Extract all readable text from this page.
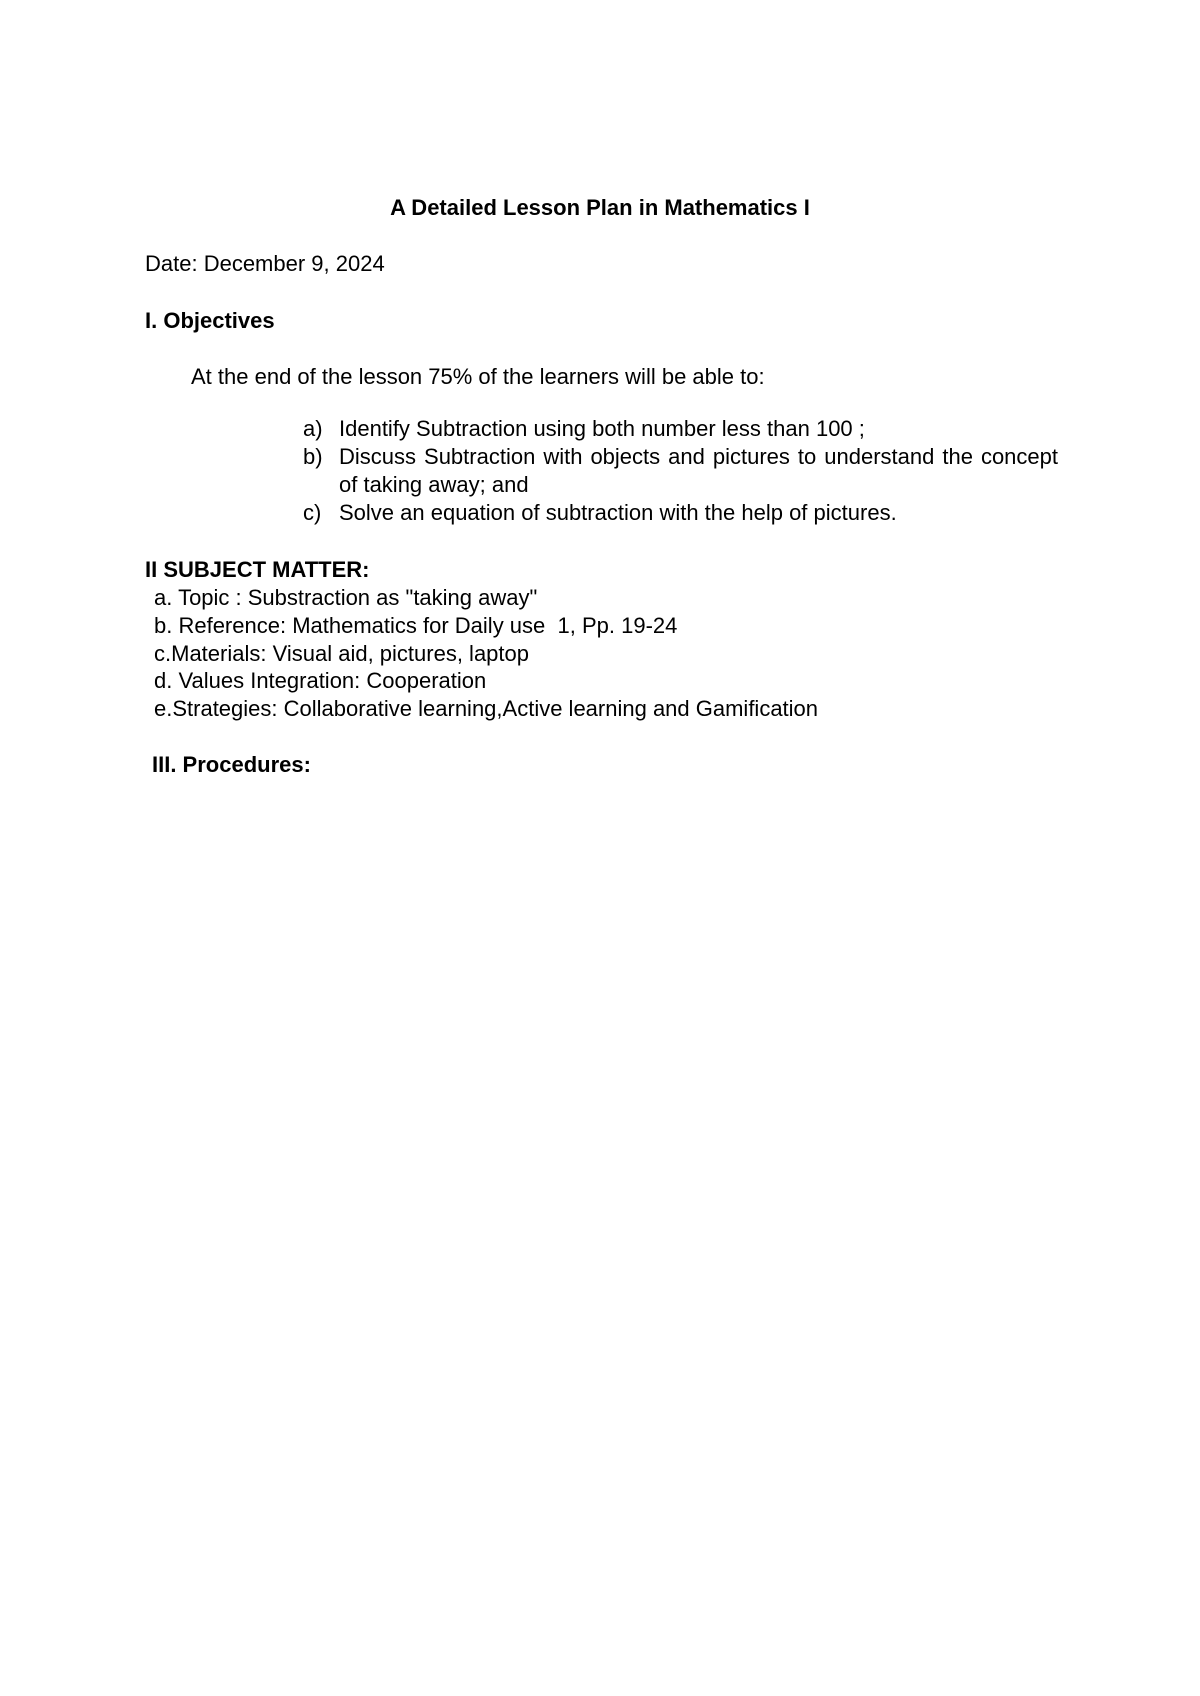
A Detailed Lesson Plan in Mathematics I
Date: December 9, 2024
I. Objectives
At the end of the lesson 75% of the learners will be able to:
a) Identify Subtraction using both number less than 100 ;
b) Discuss Subtraction with objects and pictures to understand the concept of taking away; and
c) Solve an equation of subtraction with the help of pictures.
II SUBJECT MATTER:
a. Topic : Substraction as "taking away"
b. Reference: Mathematics for Daily use  1, Pp. 19-24
c.Materials: Visual aid, pictures, laptop
d. Values Integration: Cooperation
e.Strategies: Collaborative learning,Active learning and Gamification
III. Procedures:
